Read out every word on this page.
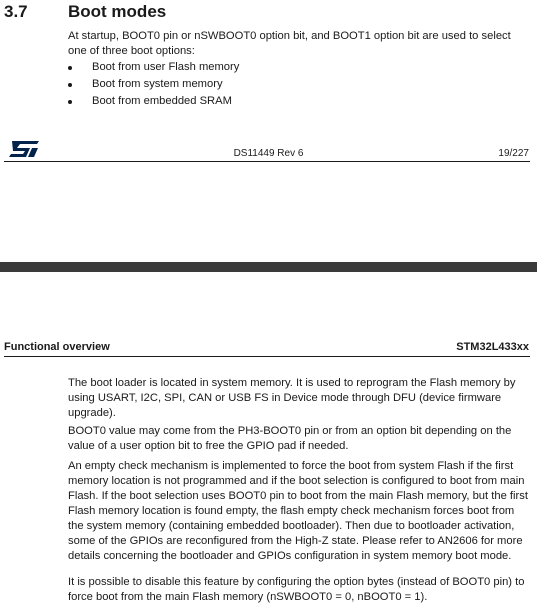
3.7 Boot modes

At startup, BOOT0 pin or nSWBOOT0 option bit, and BOOT1 option bit are used to select one of three boot options:

Boot from user Flash memory
Boot from system memory
Boot from embedded SRAM
DS11449 Rev 6	19/227
Functional overview	STM32L433xx

The boot loader is located in system memory. It is used to reprogram the Flash memory by using USART, I2C, SPI, CAN or USB FS in Device mode through DFU (device firmware upgrade).

BOOT0 value may come from the PH3-BOOT0 pin or from an option bit depending on the value of a user option bit to free the GPIO pad if needed.

An empty check mechanism is implemented to force the boot from system Flash if the first memory location is not programmed and if the boot selection is configured to boot from main Flash. If the boot selection uses BOOT0 pin to boot from the main Flash memory, but the first Flash memory location is found empty, the flash empty check mechanism forces boot from the system memory (containing embedded bootloader). Then due to bootloader activation, some of the GPIOs are reconfigured from the High-Z state. Please refer to AN2606 for more details concerning the bootloader and GPIOs configuration in system memory boot mode.

It is possible to disable this feature by configuring the option bytes (instead of BOOT0 pin) to force boot from the main Flash memory (nSWBOOT0 = 0, nBOOT0 = 1).
